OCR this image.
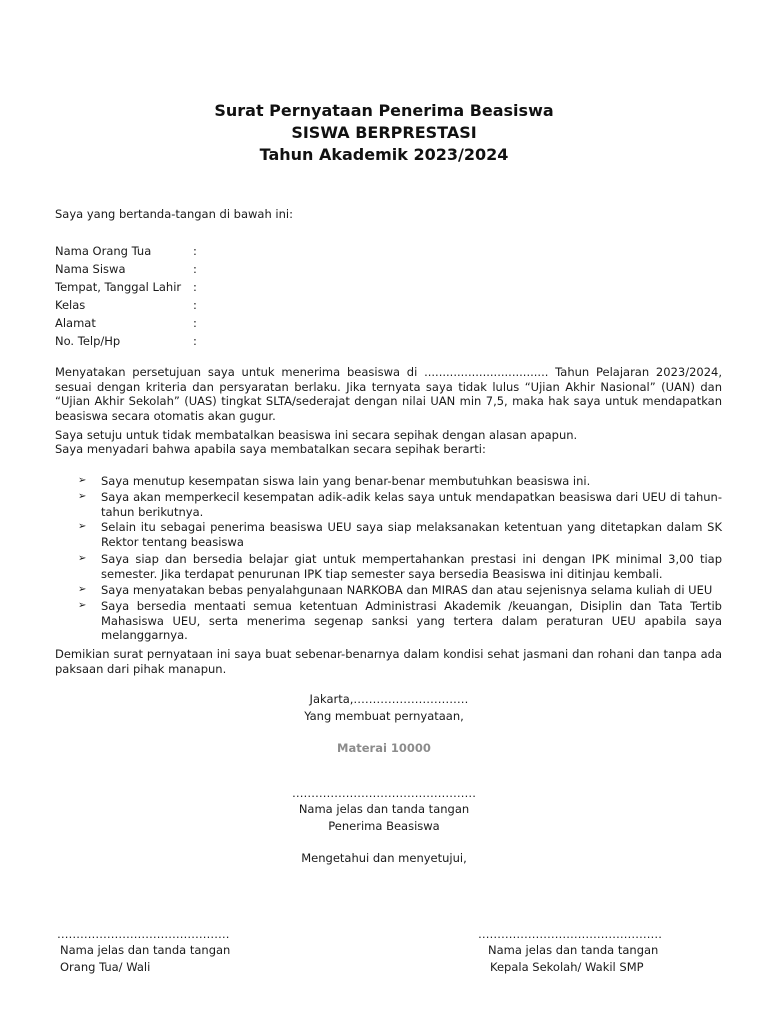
Surat Pernyataan Penerima Beasiswa
SISWA BERPRESTASI
Tahun Akademik 2023/2024
Saya yang bertanda-tangan di bawah ini:
Nama Orang Tua	:
Nama Siswa	:
Tempat, Tanggal Lahir :
Kelas	:
Alamat	:
No. Telp/Hp	:
Menyatakan persetujuan saya untuk menerima beasiswa di .................................. Tahun Pelajaran 2023/2024, sesuai dengan kriteria dan persyaratan berlaku. Jika ternyata saya tidak lulus “Ujian Akhir Nasional” (UAN) dan “Ujian Akhir Sekolah” (UAS) tingkat SLTA/sederajat dengan nilai UAN min 7,5, maka hak saya untuk mendapatkan beasiswa secara otomatis akan gugur.
Saya setuju untuk tidak membatalkan beasiswa ini secara sepihak dengan alasan apapun.
Saya menyadari bahwa apabila saya membatalkan secara sepihak berarti:
➢ Saya menutup kesempatan siswa lain yang benar-benar membutuhkan beasiswa ini.
➢ Saya akan memperkecil kesempatan adik-adik kelas saya untuk mendapatkan beasiswa dari UEU di tahun-tahun berikutnya.
➢ Selain itu sebagai penerima beasiswa UEU saya siap melaksanakan ketentuan yang ditetapkan dalam SK Rektor tentang beasiswa
➢ Saya siap dan bersedia belajar giat untuk mempertahankan prestasi ini dengan IPK minimal 3,00 tiap semester. Jika terdapat penurunan IPK tiap semester saya bersedia Beasiswa ini ditinjau kembali.
➢ Saya menyatakan bebas penyalahgunaan NARKOBA dan MIRAS dan atau sejenisnya selama kuliah di UEU
➢ Saya bersedia mentaati semua ketentuan Administrasi Akademik /keuangan, Disiplin dan Tata Tertib Mahasiswa UEU, serta menerima segenap sanksi yang tertera dalam peraturan UEU apabila saya melanggarnya.
Demikian surat pernyataan ini saya buat sebenar-benarnya dalam kondisi sehat jasmani dan rohani dan tanpa ada paksaan dari pihak manapun.
Jakarta,…………………………
Yang membuat pernyataan,
Materai 10000
…………………………………………
Nama jelas dan tanda tangan
Penerima Beasiswa
Mengetahui dan menyetujui,
………………………………………
Nama jelas dan tanda tangan
Orang Tua/ Wali
…………………………………………
Nama jelas dan tanda tangan
Kepala Sekolah/ Wakil SMP
